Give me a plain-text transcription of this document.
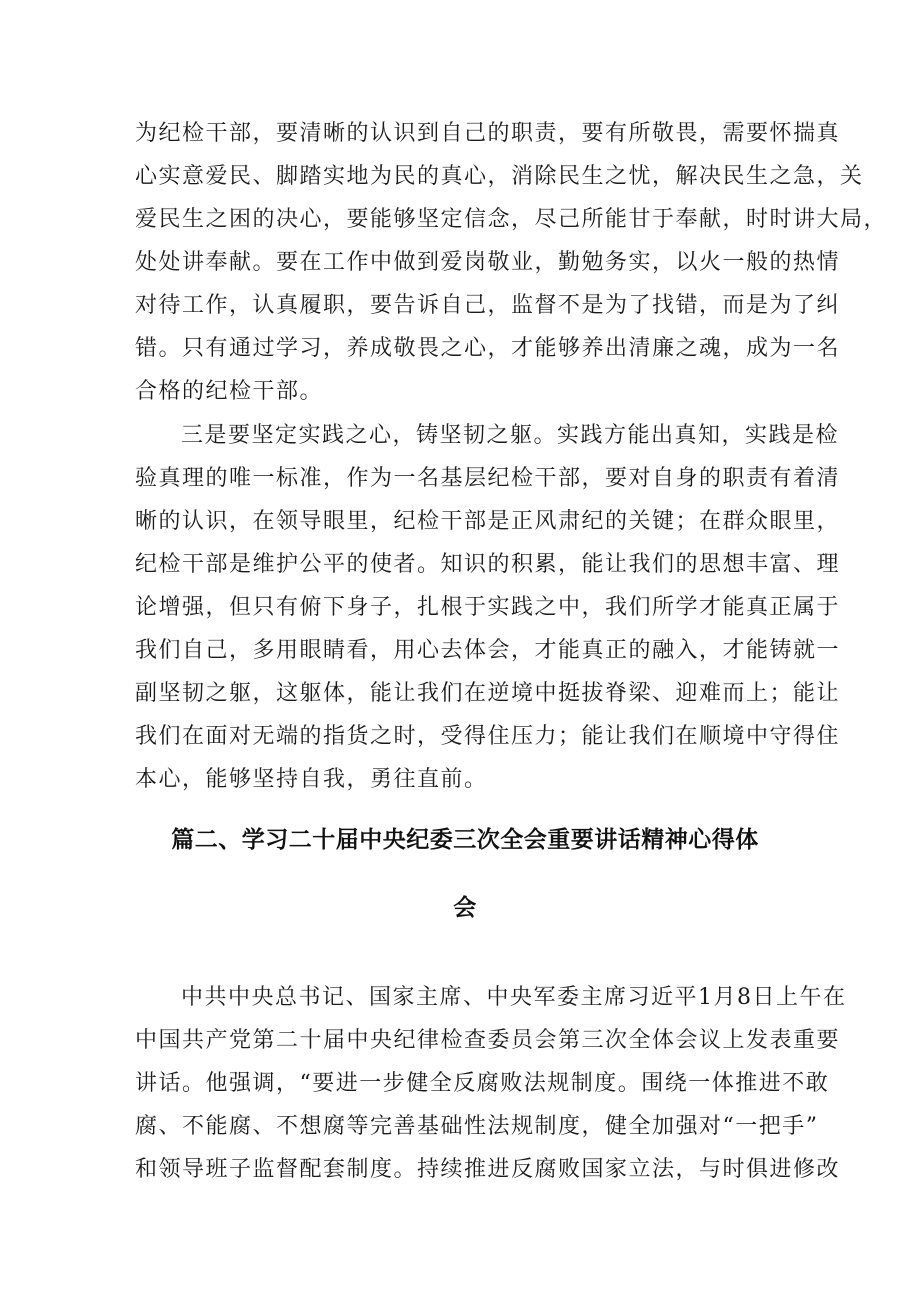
为纪检干部，要清晰的认识到自己的职责，要有所敬畏，需要怀揣真
心实意爱民、脚踏实地为民的真心，消除民生之忧，解决民生之急，关
爱民生之困的决心，要能够坚定信念，尽己所能甘于奉献，时时讲大局，
处处讲奉献。要在工作中做到爱岗敬业，勤勉务实，以火一般的热情
对待工作，认真履职，要告诉自己，监督不是为了找错，而是为了纠
错。只有通过学习，养成敬畏之心，才能够养出清廉之魂，成为一名
合格的纪检干部。
三是要坚定实践之心，铸坚韧之躯。实践方能出真知，实践是检
验真理的唯一标准，作为一名基层纪检干部，要对自身的职责有着清
晰的认识，在领导眼里，纪检干部是正风肃纪的关键；在群众眼里，
纪检干部是维护公平的使者。知识的积累，能让我们的思想丰富、理
论增强，但只有俯下身子，扎根于实践之中，我们所学才能真正属于
我们自己，多用眼睛看，用心去体会，才能真正的融入，才能铸就一
副坚韧之躯，这躯体，能让我们在逆境中挺拔脊梁、迎难而上；能让
我们在面对无端的指货之时，受得住压力；能让我们在顺境中守得住
本心，能够坚持自我，勇往直前。
篇二、学习二十届中央纪委三次全会重要讲话精神心得体
会
中共中央总书记、国家主席、中央军委主席习近平1月8日上午在
中国共产党第二十届中央纪律检查委员会第三次全体会议上发表重要
讲话。他强调，“要进一步健全反腐败法规制度。围绕一体推进不敢
腐、不能腐、不想腐等完善基础性法规制度，健全加强对“一把手”
和领导班子监督配套制度。持续推进反腐败国家立法，与时俱进修改
